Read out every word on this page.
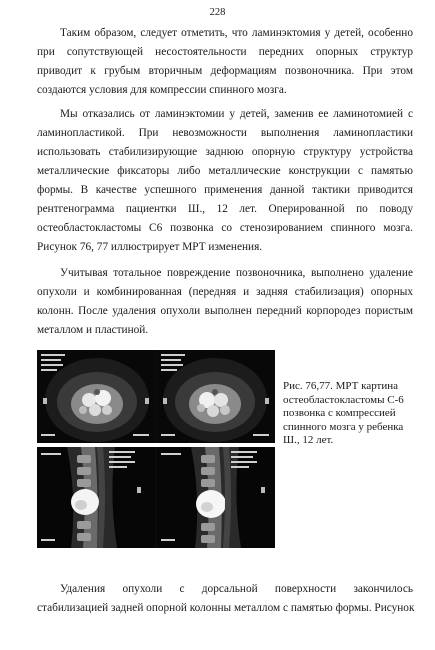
228

Таким образом, следует отметить, что ламинэктомия у детей, особенно
при сопутствующей несостоятельности передних опорных структур
приводит к грубым вторичным деформациям позвоночника. При этом
создаются условия для компрессии спинного мозга.

Мы отказались от ламинэктомии у детей, заменив ее ламинотомией с
ламинопластикой. При невозможности выполнения ламинопластики
использовать стабилизирующие заднюю опорную структуру устройства
металлические фиксаторы либо металлические конструкции с памятью
формы. В качестве успешного применения данной тактики приводится
рентгенограмма пациентки Ш., 12 лет. Оперированной по поводу
остеобластокластомы С6 позвонка со стенозированием спинного мозга.
Рисунок 76, 77 иллюстрирует МРТ изменения.

Учитывая тотальное повреждение позвоночника, выполнено удаление
опухоли и комбинированная (передняя и задняя стабилизация) опорных
колонн. После удаления опухоли выполнен передний корпородез пористым
металлом и пластиной.

Рис. 76,77. МРТ картина
остеобластокластомы С-6
позвонка с компрессией
спинного мозга у ребенка
Ш., 12 лет.

Удаления опухоли с дорсальной поверхности закончилось
стабилизацией задней опорной колонны металлом с памятью формы. Рисунок
